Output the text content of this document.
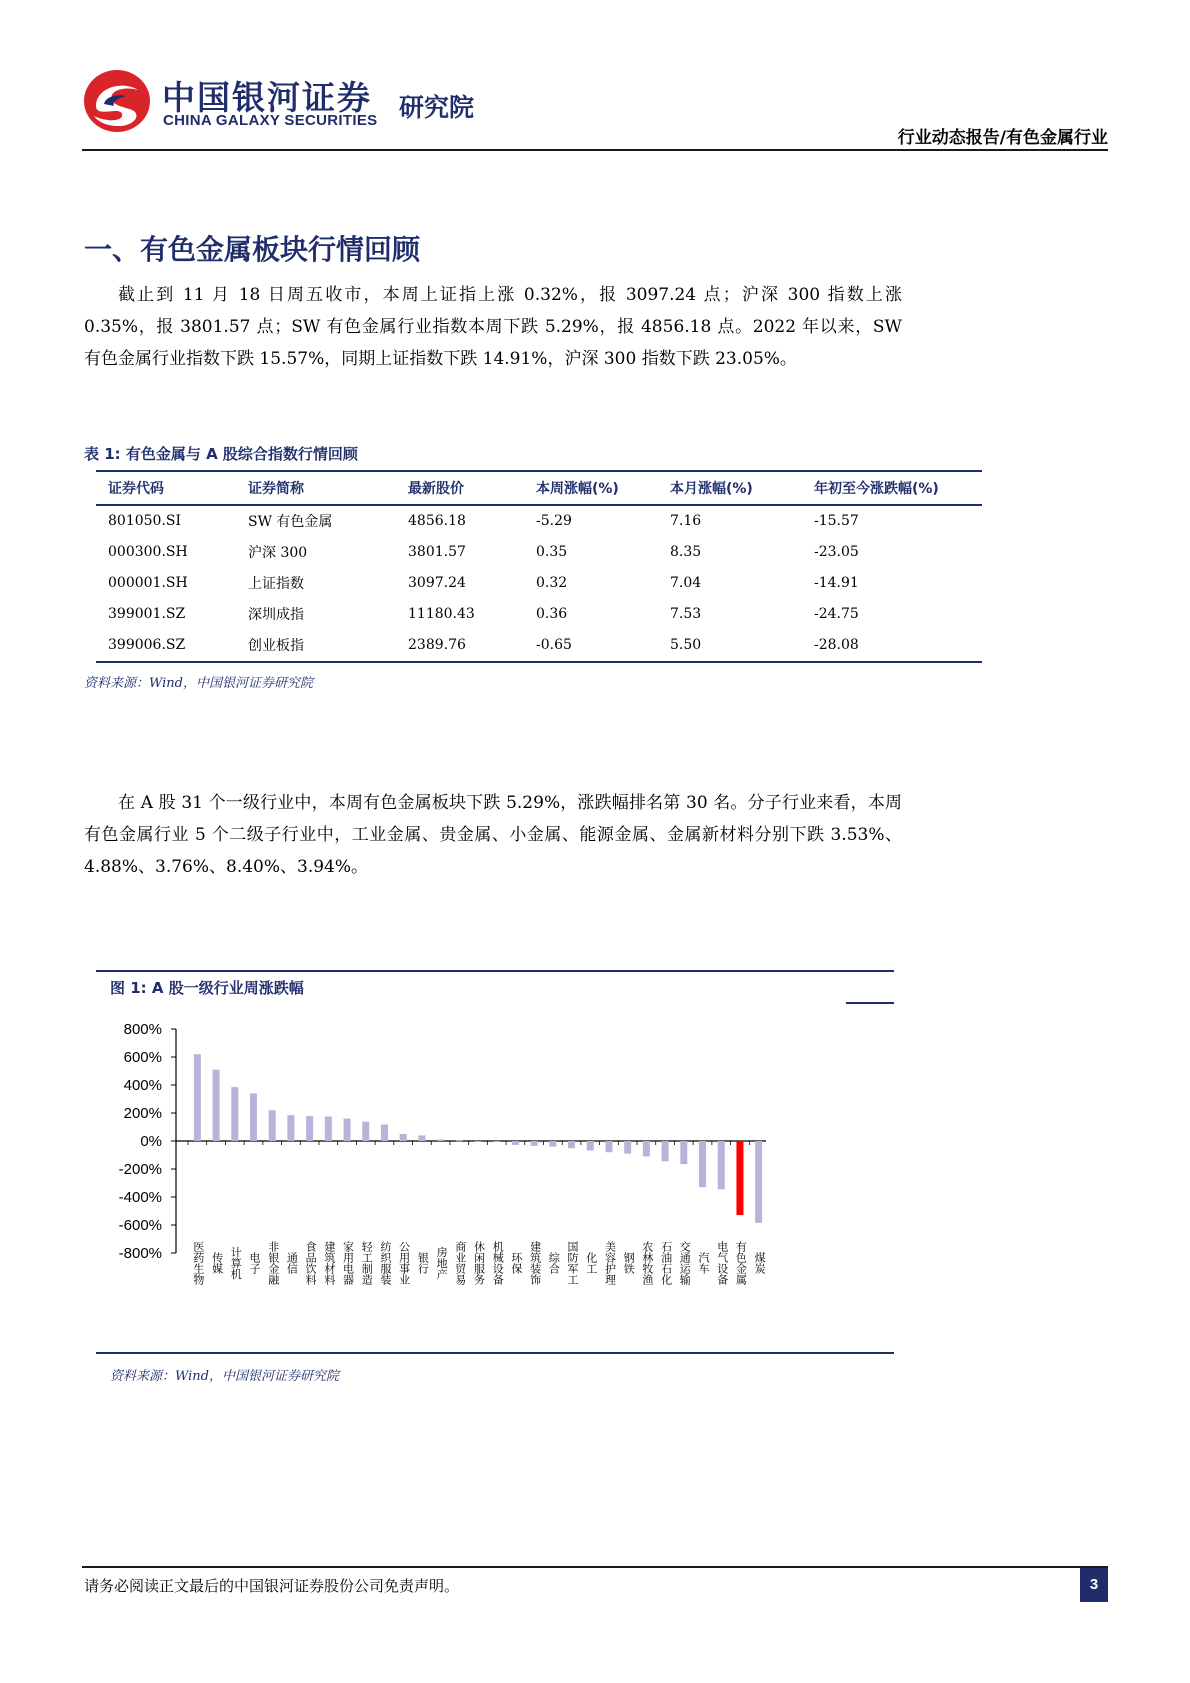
中国银河证券
CHINA GALAXY SECURITIES 研究院
行业动态报告/有色金属行业
一、有色金属板块行情回顾
截止到 11 月 18 日周五收市，本周上证指上涨 0.32%，报 3097.24 点；沪深 300 指数上涨 0.35%，报 3801.57 点；SW 有色金属行业指数本周下跌 5.29%，报 4856.18 点。2022 年以来，SW 有色金属行业指数下跌 15.57%，同期上证指数下跌 14.91%，沪深 300 指数下跌 23.05%。
表 1: 有色金属与 A 股综合指数行情回顾
证券代码	证券简称	最新股价	本周涨幅(%)	本月涨幅(%)	年初至今涨跌幅(%)

801050.SI	SW 有色金属	4856.18	-5.29	7.16	-15.57
000300.SH	沪深 300	3801.57	0.35	8.35	-23.05
000001.SH	上证指数	3097.24	0.32	7.04	-14.91
399001.SZ	深圳成指	11180.43	0.36	7.53	-24.75
399006.SZ	创业板指	2389.76	-0.65	5.50	-28.08
资料来源：Wind，中国银河证券研究院
在 A 股 31 个一级行业中，本周有色金属板块下跌 5.29%，涨跌幅排名第 30 名。分子行业来看，本周有色金属行业 5 个二级子行业中，工业金属、贵金属、小金属、能源金属、金属新材料分别下跌 3.53%、4.88%、3.76%、8.40%、3.94%。
图 1: A 股一级行业周涨跌幅
800%
600%
400%
200%
0%
-200%
-400%
-600%
-800%	医药生物 传媒 计算机 电子 非银金融 通信 食品饮料 建筑材料 家用电器 轻工制造 纺织服装 公用事业 银行 房地产 商业贸易 休闲服务 机械设备 环保 建筑装饰 综合 国防军工 化工 美容护理 钢铁 农林牧渔 石油石化 交通运输 汽车 电气设备 有色金属 煤炭
资料来源：Wind，中国银河证券研究院
请务必阅读正文最后的中国银河证券股份公司免责声明。	3
